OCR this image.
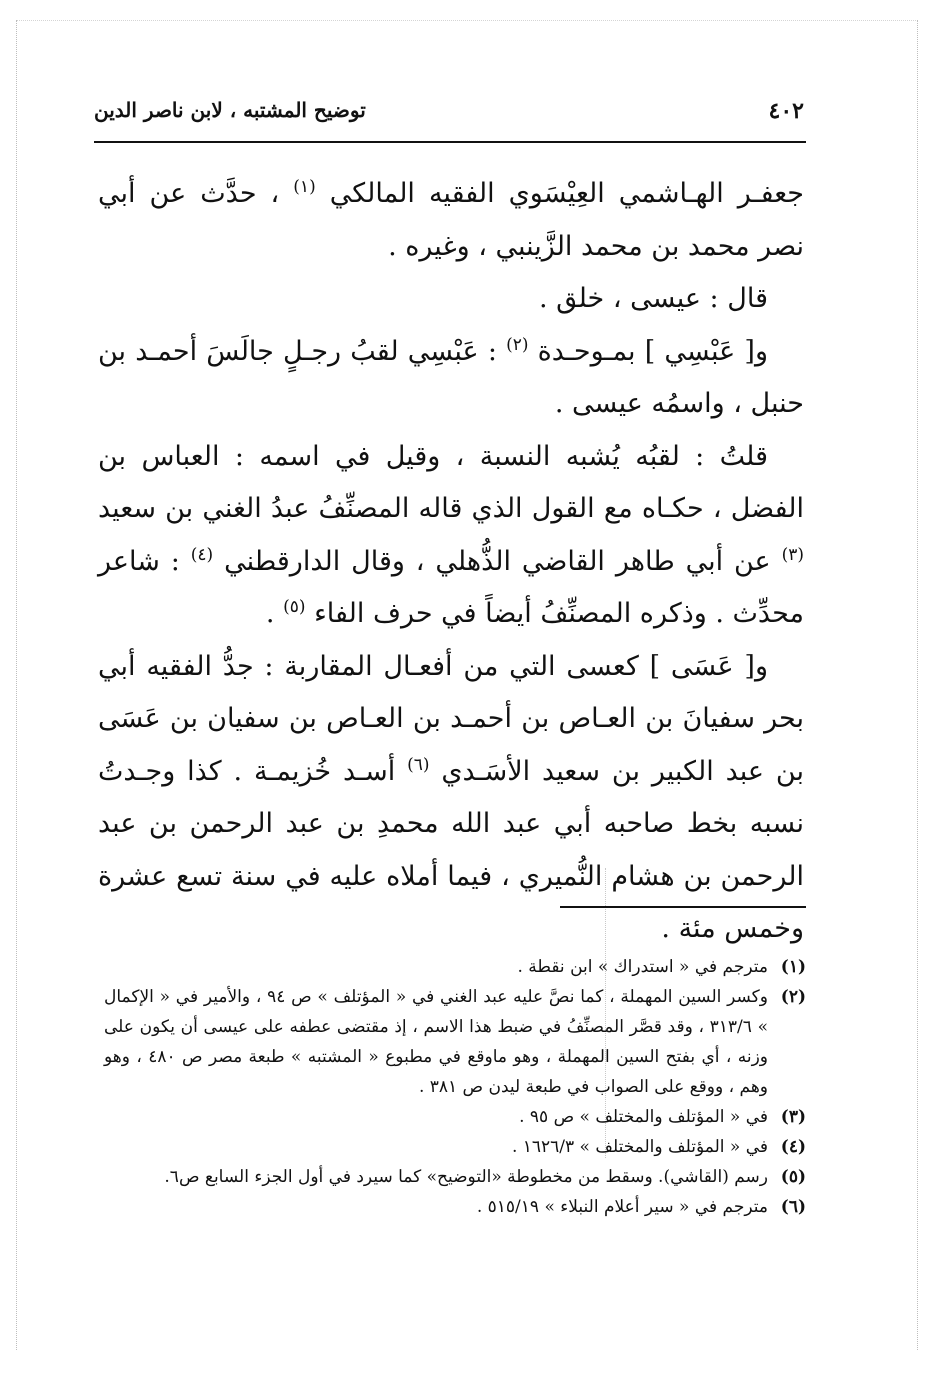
٤٠٢
توضيح المشتبه ، لابن ناصر الدين

جعفـر الهـاشمي العِيْسَوي الفقيه المالكي $^{(١)}$ ، حدَّث عن أبي نصر محمد بن محمد الزَّينبي ، وغيره .

قال : عيسى ، خلق .

و[ عَبْسِي ] بمـوحـدة $^{(٢)}$ : عَبْسِي لقبُ رجـلٍ جالَسَ أحمـد بن حنبل ، واسمُه عيسى .

قلتُ : لقبُه يُشبه النسبة ، وقيل في اسمه : العباس بن الفضل ، حكـاه مع القول الذي قاله المصنِّفُ عبدُ الغني بن سعيد $^{(٣)}$ عن أبي طاهر القاضي الذُّهلي ، وقال الدارقطني $^{(٤)}$ : شاعر محدِّث . وذكره المصنِّفُ أيضاً في حرف الفاء $^{(٥)}$ .

و[ عَسَى ] كعسى التي من أفعـال المقاربة : جدُّ الفقيه أبي بحر سفيانَ بن العـاص بن أحمـد بن العـاص بن سفيان بن عَسَى بن عبد الكبير بن سعيد الأسَـدي $^{(٦)}$ أسـد خُزيمـة . كذا وجـدتُ نسبه بخط صاحبه أبي عبد الله محمدِ بن عبد الرحمن بن عبد الرحمن بن هشام النُّميري ، فيما أملاه عليه في سنة تسع عشرة وخمس مئة .

(١)
مترجم في « استدراك » ابن نقطة .
(٢)
وكسر السين المهملة ، كما نصَّ عليه عبد الغني في « المؤتلف » ص ٩٤ ، والأمير في « الإكمال » ٣١٣/٦ ، وقد قصَّر المصنِّفُ في ضبط هذا الاسم ، إذ مقتضى عطفه على عيسى أن يكون على وزنه ، أي بفتح السين المهملة ، وهو ماوقع في مطبوع « المشتبه » طبعة مصر ص ٤٨٠ ، وهو وهم ، ووقع على الصواب في طبعة ليدن ص ٣٨١ .
(٣)
في « المؤتلف والمختلف » ص ٩٥ .
(٤)
في « المؤتلف والمختلف » ١٦٢٦/٣ .
(٥)
رسم (القاشي). وسقط من مخطوطة «التوضيح» كما سيرد في أول الجزء السابع ص٦.
(٦)
مترجم في « سير أعلام النبلاء » ٥١٥/١٩ .
